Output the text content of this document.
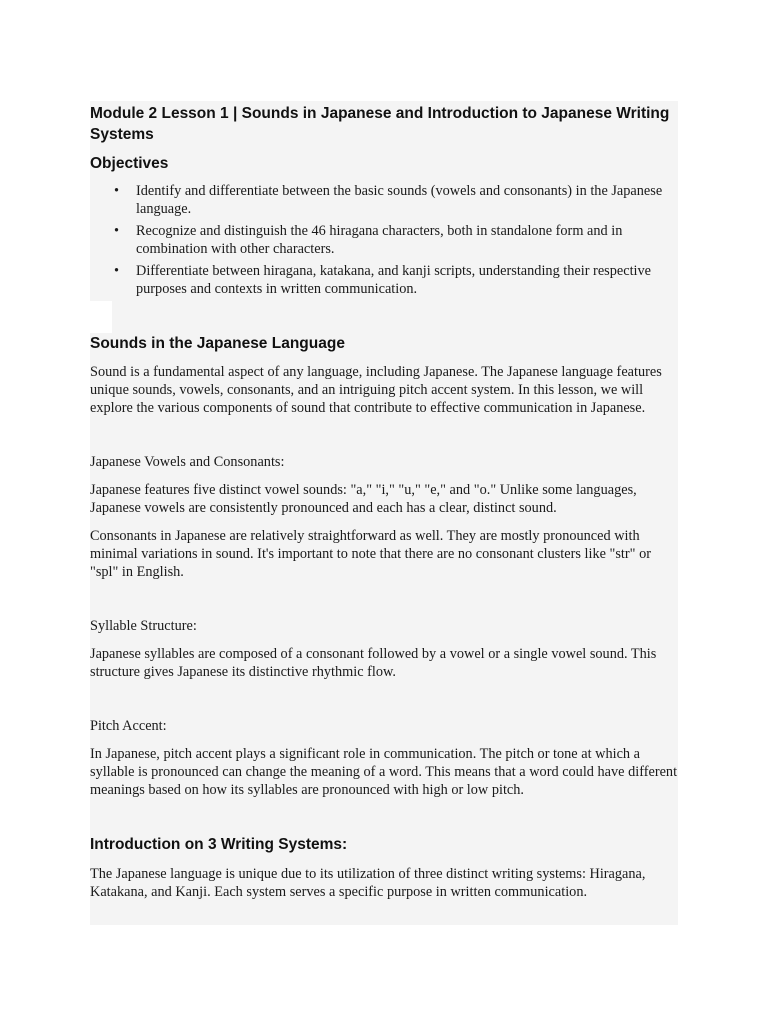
Module 2 Lesson 1 | Sounds in Japanese and Introduction to Japanese Writing Systems
Objectives
• Identify and differentiate between the basic sounds (vowels and consonants) in the Japanese language.
• Recognize and distinguish the 46 hiragana characters, both in standalone form and in combination with other characters.
• Differentiate between hiragana, katakana, and kanji scripts, understanding their respective purposes and contexts in written communication.
Sounds in the Japanese Language

Sound is a fundamental aspect of any language, including Japanese. The Japanese language features unique sounds, vowels, consonants, and an intriguing pitch accent system. In this lesson, we will explore the various components of sound that contribute to effective communication in Japanese.

Japanese Vowels and Consonants:

Japanese features five distinct vowel sounds: "a," "i," "u," "e," and "o." Unlike some languages, Japanese vowels are consistently pronounced and each has a clear, distinct sound.

Consonants in Japanese are relatively straightforward as well. They are mostly pronounced with minimal variations in sound. It's important to note that there are no consonant clusters like "str" or "spl" in English.

Syllable Structure:

Japanese syllables are composed of a consonant followed by a vowel or a single vowel sound. This structure gives Japanese its distinctive rhythmic flow.

Pitch Accent:

In Japanese, pitch accent plays a significant role in communication. The pitch or tone at which a syllable is pronounced can change the meaning of a word. This means that a word could have different meanings based on how its syllables are pronounced with high or low pitch.

Introduction on 3 Writing Systems:

The Japanese language is unique due to its utilization of three distinct writing systems: Hiragana, Katakana, and Kanji. Each system serves a specific purpose in written communication.
